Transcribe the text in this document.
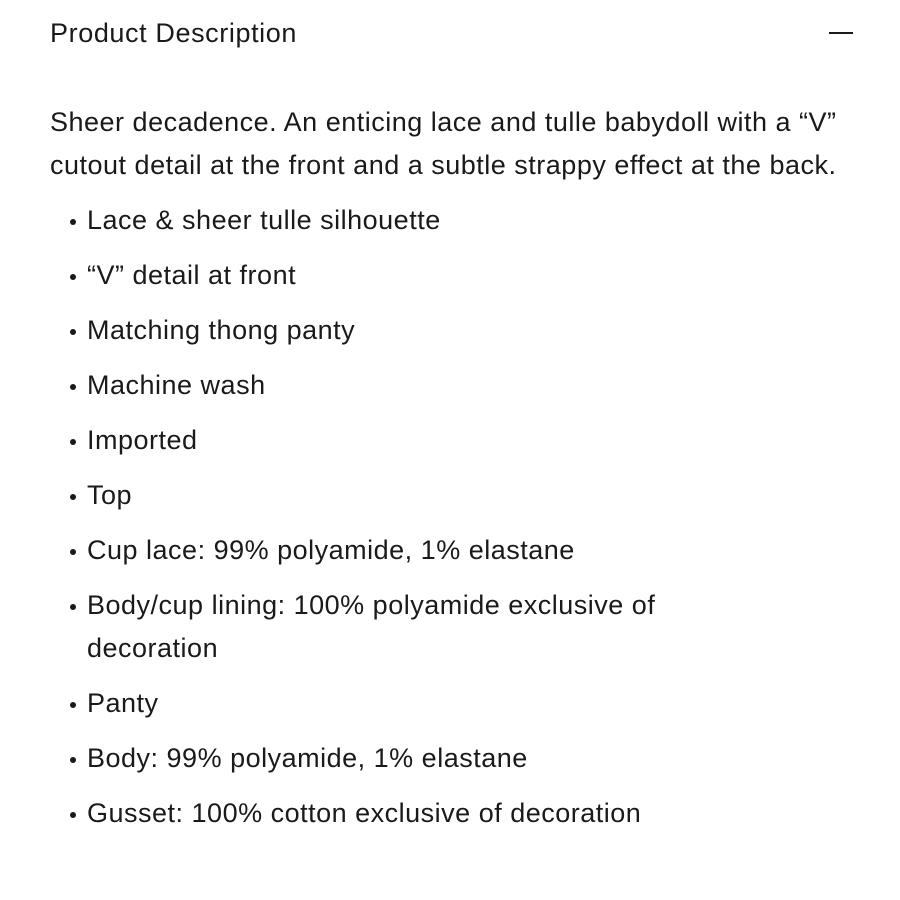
Product Description

Sheer decadence. An enticing lace and tulle babydoll with a “V” cutout detail at the front and a subtle strappy effect at the back.

Lace & sheer tulle silhouette
“V” detail at front
Matching thong panty
Machine wash
Imported
Top
Cup lace: 99% polyamide, 1% elastane
Body/cup lining: 100% polyamide exclusive of decoration
Panty
Body: 99% polyamide, 1% elastane
Gusset: 100% cotton exclusive of decoration
